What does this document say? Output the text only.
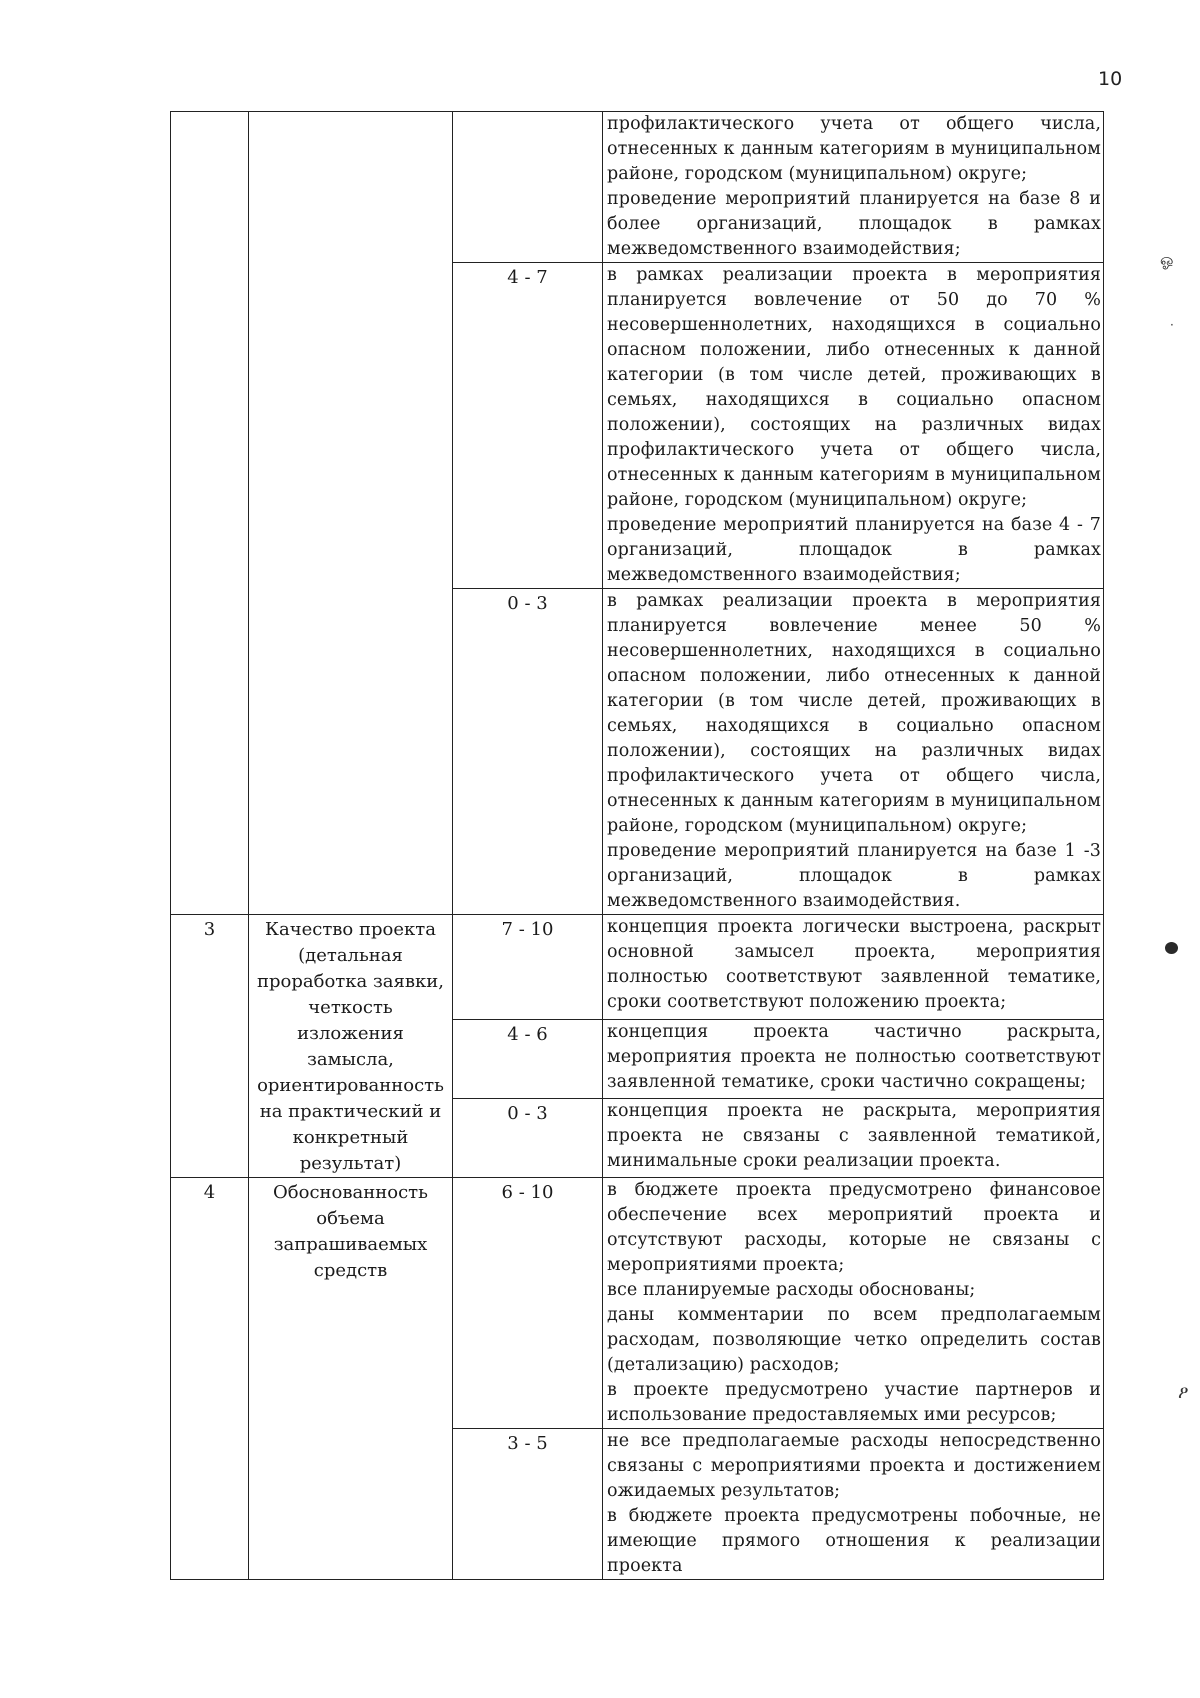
10

			профилактического учета от общего числа, отнесенных к данным категориям в муниципальном районе, городском (муниципальном) округе;
проведение мероприятий планируется на базе 8 и более организаций, площадок в рамках межведомственного взаимодействия;

		4 - 7	в рамках реализации проекта в мероприятия планируется вовлечение от 50 до 70 % несовершеннолетних, находящихся в социально опасном положении, либо отнесенных к данной категории (в том числе детей, проживающих в семьях, находящихся в социально опасном положении), состоящих на различных видах профилактического учета от общего числа, отнесенных к данным категориям в муниципальном районе, городском (муниципальном) округе;
проведение мероприятий планируется на базе 4 - 7 организаций, площадок в рамках межведомственного взаимодействия;

		0 - 3	в рамках реализации проекта в мероприятия планируется вовлечение менее 50 % несовершеннолетних, находящихся в социально опасном положении, либо отнесенных к данной категории (в том числе детей, проживающих в семьях, находящихся в социально опасном положении), состоящих на различных видах профилактического учета от общего числа, отнесенных к данным категориям в муниципальном районе, городском (муниципальном) округе;
проведение мероприятий планируется на базе 1 -3 организаций, площадок в рамках межведомственного взаимодействия.

3	Качество проекта (детальная проработка заявки, четкость изложения замысла, ориентированность на практический и конкретный результат)	7 - 10	концепция проекта логически выстроена, раскрыт основной замысел проекта, мероприятия полностью соответствуют заявленной тематике, сроки соответствуют положению проекта;

		4 - 6	концепция проекта частично раскрыта, мероприятия проекта не полностью соответствуют заявленной тематике, сроки частично сокращены;

		0 - 3	концепция проекта не раскрыта, мероприятия проекта не связаны с заявленной тематикой, минимальные сроки реализации проекта.

4	Обоснованность объема запрашиваемых средств	6 - 10	в бюджете проекта предусмотрено финансовое обеспечение всех мероприятий проекта и отсутствуют расходы, которые не связаны с мероприятиями проекта;
все планируемые расходы обоснованы;
даны комментарии по всем предполагаемым расходам, позволяющие четко определить состав (детализацию) расходов;
в проекте предусмотрено участие партнеров и использование предоставляемых ими ресурсов;

		3 - 5	не все предполагаемые расходы непосредственно связаны с мероприятиями проекта и достижением ожидаемых результатов;
в бюджете проекта предусмотрены побочные, не имеющие прямого отношения к реализации проекта
ஓ
·
ዖ
